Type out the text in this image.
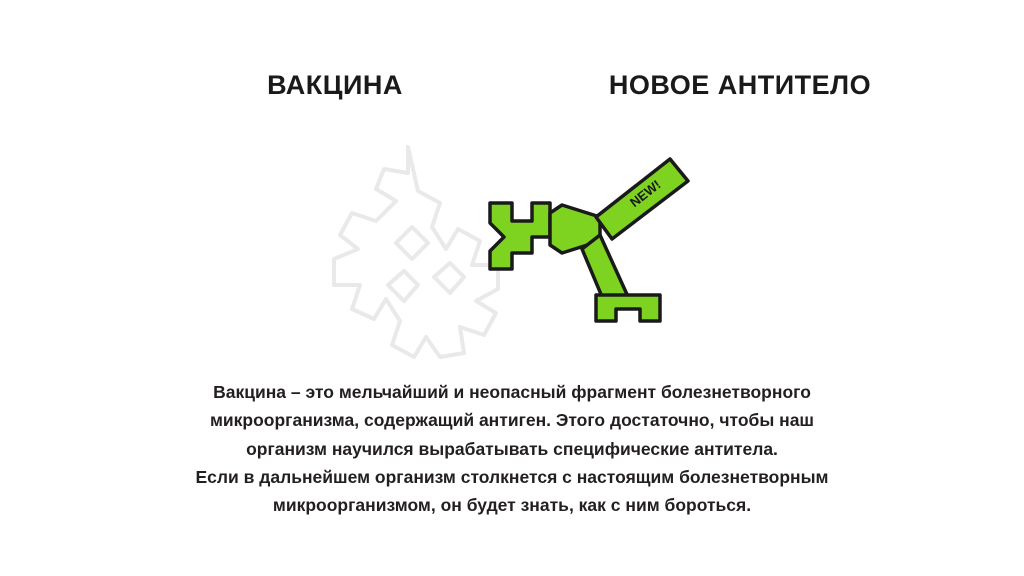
ВАКЦИНА	НОВОЕ АНТИТЕЛО
NEW!

Вакцина – это мельчайший и неопасный фрагмент болезнетворного

микроорганизма, содержащий антиген. Этого достаточно, чтобы наш

организм научился вырабатывать специфические антитела.

Если в дальнейшем организм столкнется с настоящим болезнетворным

микроорганизмом, он будет знать, как с ним бороться.
